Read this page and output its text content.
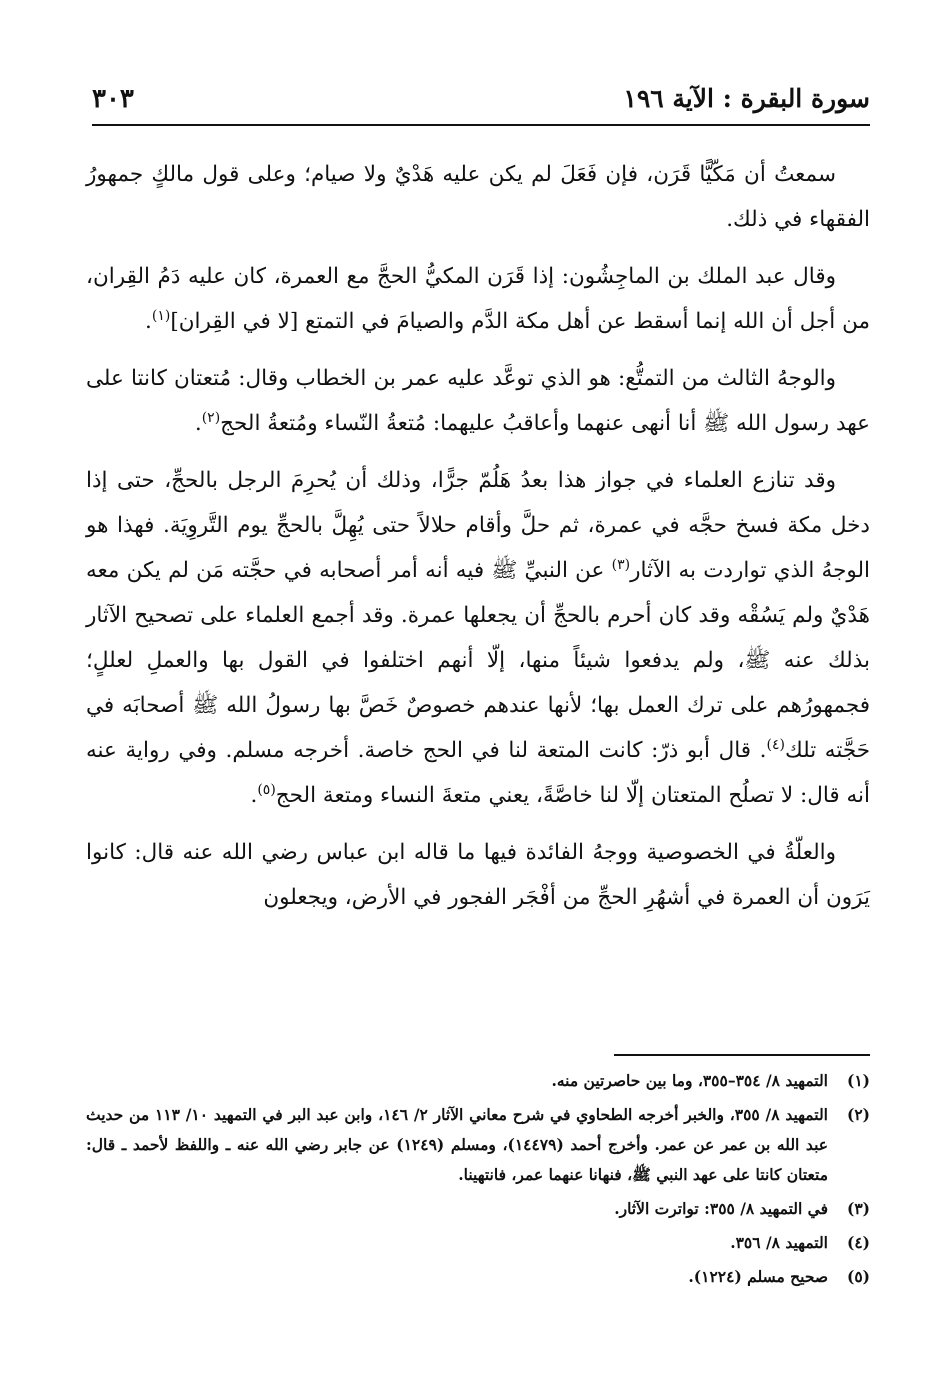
سورة البقرة : الآية ١٩٦
٣٠٣

سمعتُ أن مَكّيًّا قَرَن، فإن فَعَلَ لم يكن عليه هَدْيٌ ولا صيام؛ وعلى قول مالكٍ جمهورُ الفقهاء في ذلك.

وقال عبد الملك بن الماجِشُون: إذا قَرَن المكيُّ الحجَّ مع العمرة، كان عليه دَمُ القِران، من أجل أن الله إنما أسقط عن أهل مكة الدَّم والصيامَ في التمتع [لا في القِران]$^{(١)}$.

والوجهُ الثالث من التمتُّع: هو الذي توعَّد عليه عمر بن الخطاب وقال: مُتعتان كانتا على عهد رسول الله ﷺ أنا أنهى عنهما وأعاقبُ عليهما: مُتعةُ النّساء ومُتعةُ الحج$^{(٢)}$.

وقد تنازع العلماء في جواز هذا بعدُ هَلُمّ جرًّا، وذلك أن يُحرِمَ الرجل بالحجِّ، حتى إذا دخل مكة فسخ حجَّه في عمرة، ثم حلَّ وأقام حلالاً حتى يُهِلَّ بالحجِّ يوم التَّروِيَة. فهذا هو الوجهُ الذي تواردت به الآثار$^{(٣)}$ عن النبيِّ ﷺ فيه أنه أمر أصحابه في حجَّته مَن لم يكن معه هَدْيٌ ولم يَسُقْه وقد كان أحرم بالحجِّ أن يجعلها عمرة. وقد أجمع العلماء على تصحيح الآثار بذلك عنه ﷺ، ولم يدفعوا شيئاً منها، إلّا أنهم اختلفوا في القول بها والعملِ لعللٍ؛ فجمهورُهم على ترك العمل بها؛ لأنها عندهم خصوصٌ خَصَّ بها رسولُ الله ﷺ أصحابَه في حَجَّته تلك$^{(٤)}$. قال أبو ذرّ: كانت المتعة لنا في الحج خاصة. أخرجه مسلم. وفي رواية عنه أنه قال: لا تصلُح المتعتان إلّا لنا خاصَّةً، يعني متعةَ النساء ومتعة الحج$^{(٥)}$.

والعلّةُ في الخصوصية ووجهُ الفائدة فيها ما قاله ابن عباس رضي الله عنه قال: كانوا يَرَون أن العمرة في أشهُرِ الحجِّ من أفْجَر الفجور في الأرض، ويجعلون

(١)
التمهيد ٨/ ٣٥٤–٣٥٥، وما بين حاصرتين منه.
(٢)
التمهيد ٨/ ٣٥٥، والخبر أخرجه الطحاوي في شرح معاني الآثار ٢/ ١٤٦، وابن عبد البر في التمهيد ١٠/ ١١٣ من حديث عبد الله بن عمر عن عمر. وأخرج أحمد (١٤٤٧٩)، ومسلم (١٢٤٩) عن جابر رضي الله عنه ـ واللفظ لأحمد ـ قال: متعتان كانتا على عهد النبي ﷺ، فنهانا عنهما عمر، فانتهينا.
(٣)
في التمهيد ٨/ ٣٥٥: تواترت الآثار.
(٤)
التمهيد ٨/ ٣٥٦.
(٥)
صحيح مسلم (١٢٢٤).
